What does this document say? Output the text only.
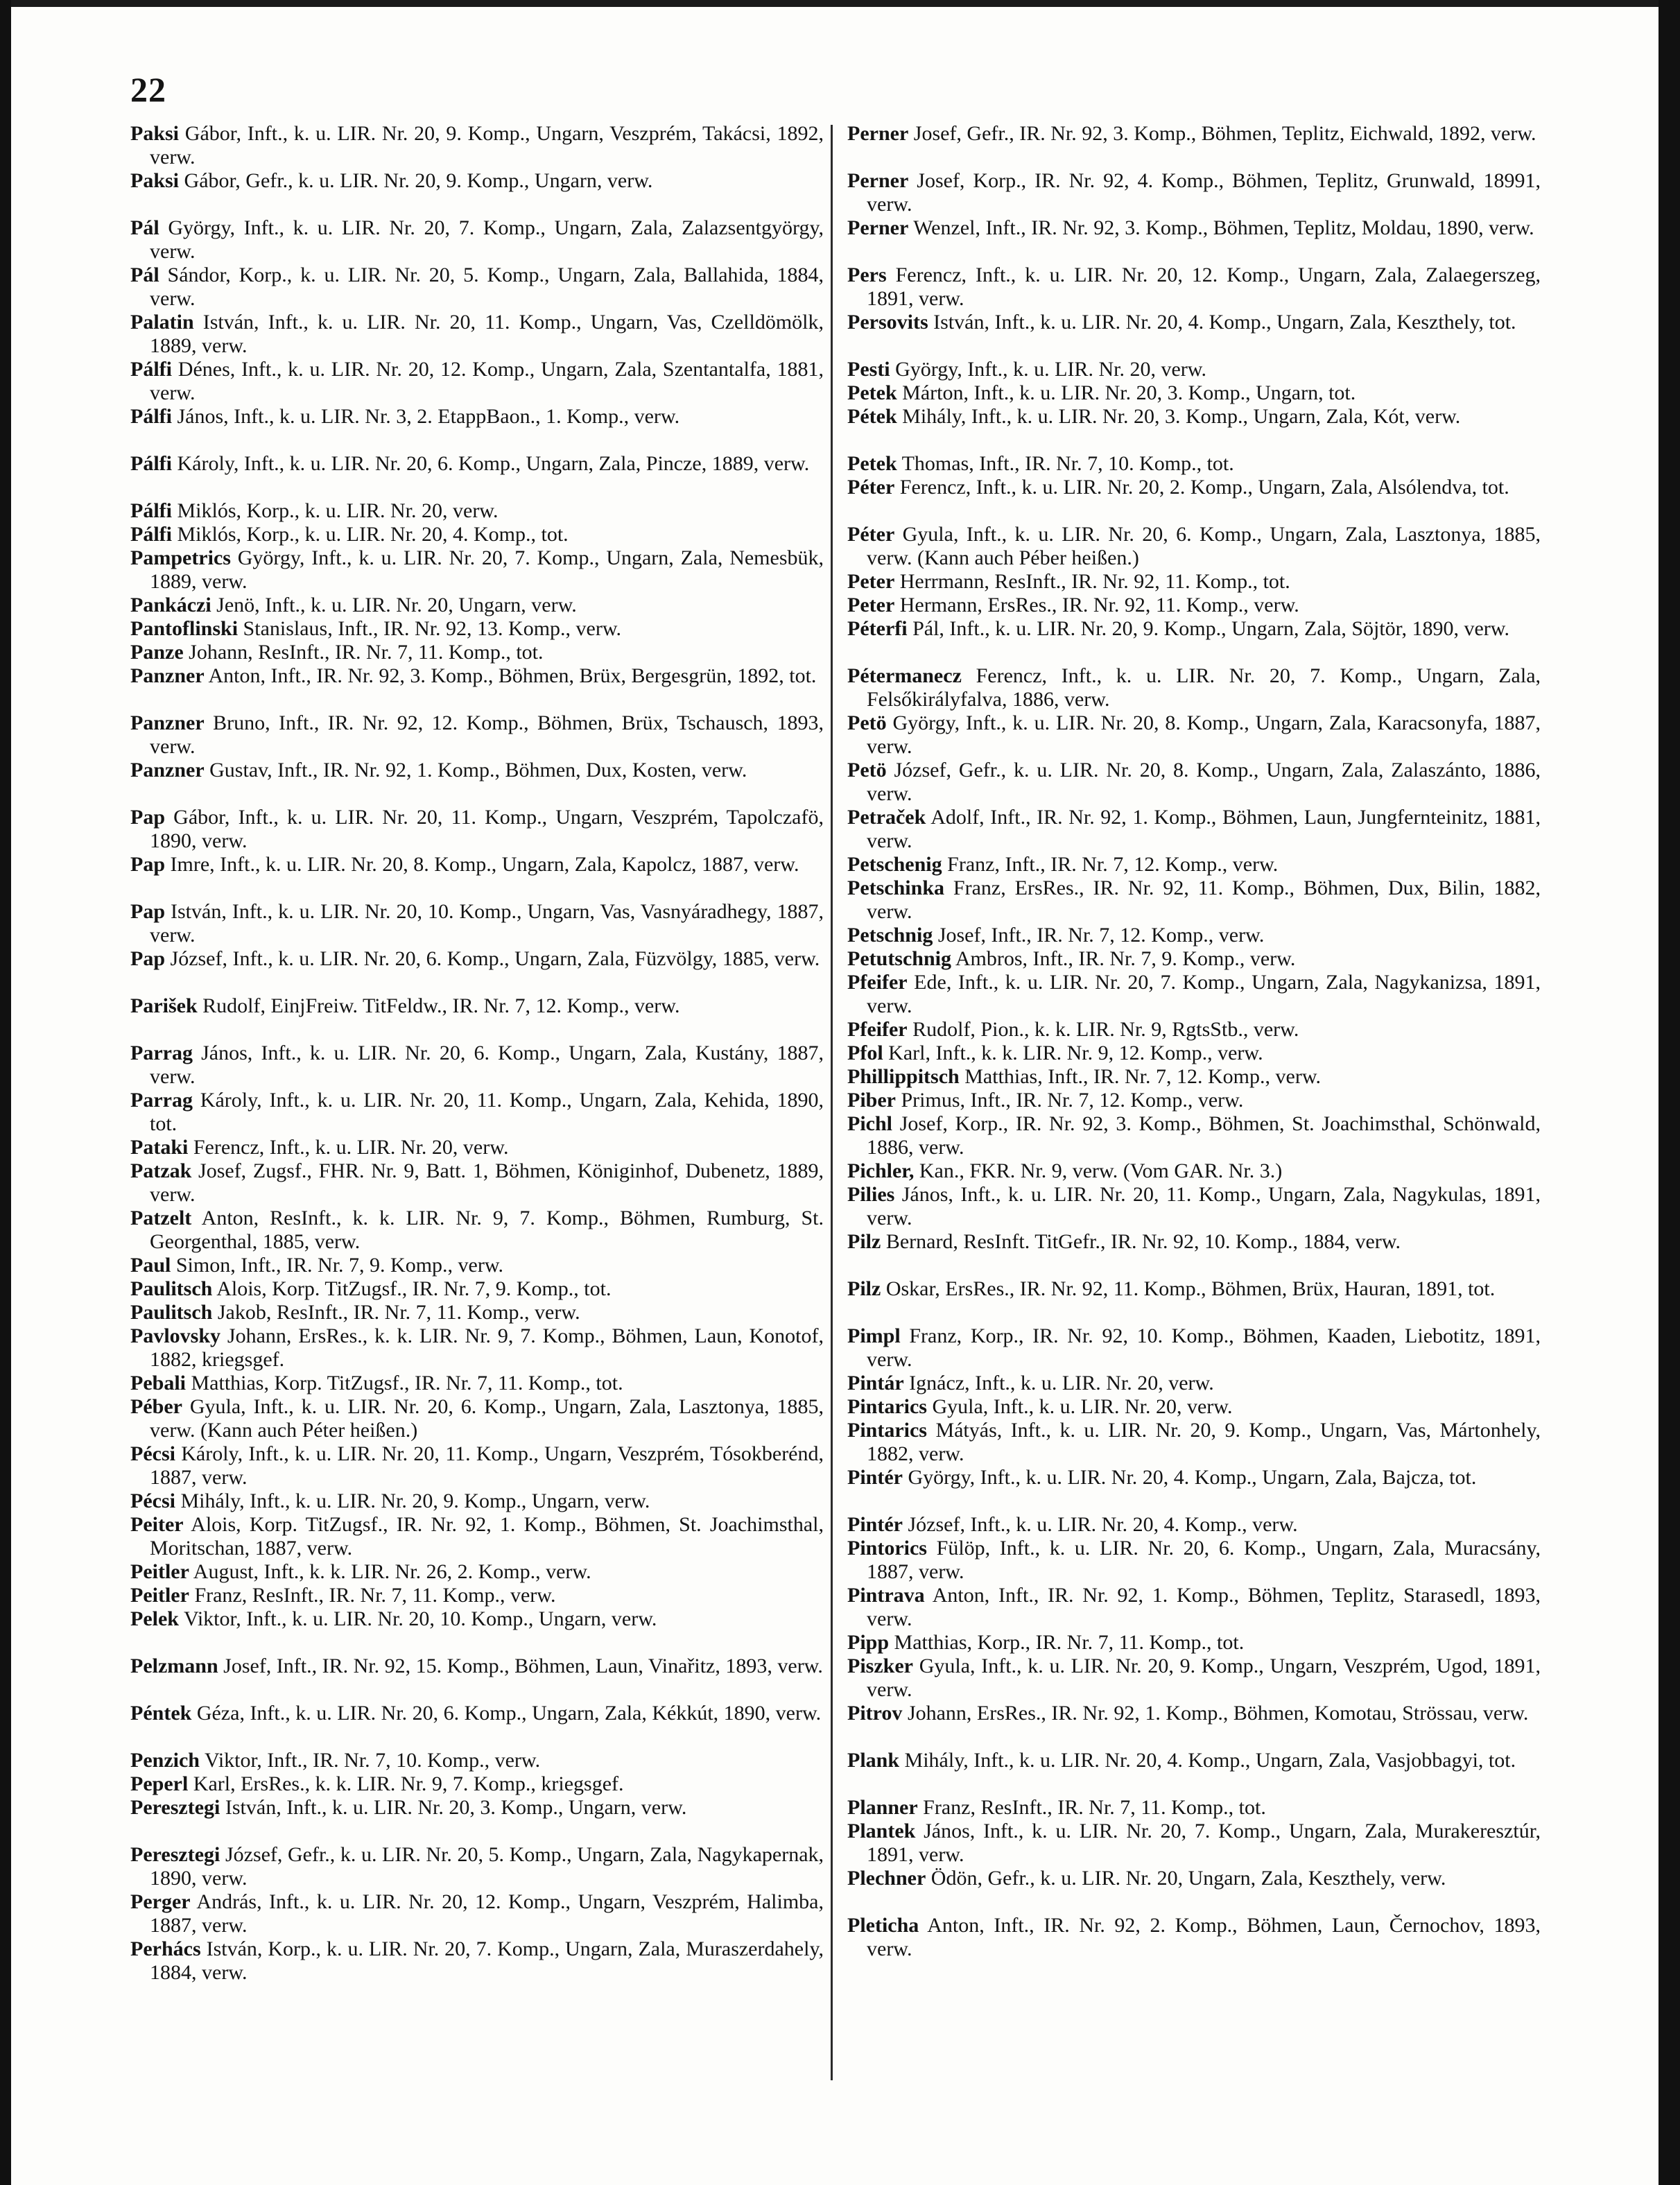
22
Paksi Gábor, Inft., k. u. LIR. Nr. 20, 9. Komp., Ungarn, Veszprém, Takácsi, 1892, verw.
Paksi Gábor, Gefr., k. u. LIR. Nr. 20, 9. Komp., Ungarn, verw.
Pál György, Inft., k. u. LIR. Nr. 20, 7. Komp., Ungarn, Zala, Zalazsentgyörgy, verw.
Pál Sándor, Korp., k. u. LIR. Nr. 20, 5. Komp., Ungarn, Zala, Ballahida, 1884, verw.
Palatin István, Inft., k. u. LIR. Nr. 20, 11. Komp., Ungarn, Vas, Czelldömölk, 1889, verw.
Pálfi Dénes, Inft., k. u. LIR. Nr. 20, 12. Komp., Ungarn, Zala, Szentantalfa, 1881, verw.
Pálfi János, Inft., k. u. LIR. Nr. 3, 2. EtappBaon., 1. Komp., verw.
Pálfi Károly, Inft., k. u. LIR. Nr. 20, 6. Komp., Ungarn, Zala, Pincze, 1889, verw.
Pálfi Miklós, Korp., k. u. LIR. Nr. 20, verw.
Pálfi Miklós, Korp., k. u. LIR. Nr. 20, 4. Komp., tot.
Pampetrics György, Inft., k. u. LIR. Nr. 20, 7. Komp., Ungarn, Zala, Nemesbük, 1889, verw.
Pankáczi Jenö, Inft., k. u. LIR. Nr. 20, Ungarn, verw.
Pantoflinski Stanislaus, Inft., IR. Nr. 92, 13. Komp., verw.
Panze Johann, ResInft., IR. Nr. 7, 11. Komp., tot.
Panzner Anton, Inft., IR. Nr. 92, 3. Komp., Böhmen, Brüx, Bergesgrün, 1892, tot.
Panzner Bruno, Inft., IR. Nr. 92, 12. Komp., Böhmen, Brüx, Tschausch, 1893, verw.
Panzner Gustav, Inft., IR. Nr. 92, 1. Komp., Böhmen, Dux, Kosten, verw.
Pap Gábor, Inft., k. u. LIR. Nr. 20, 11. Komp., Ungarn, Veszprém, Tapolczafö, 1890, verw.
Pap Imre, Inft., k. u. LIR. Nr. 20, 8. Komp., Ungarn, Zala, Kapolcz, 1887, verw.
Pap István, Inft., k. u. LIR. Nr. 20, 10. Komp., Ungarn, Vas, Vasnyáradhegy, 1887, verw.
Pap József, Inft., k. u. LIR. Nr. 20, 6. Komp., Ungarn, Zala, Füzvölgy, 1885, verw.
Parišek Rudolf, EinjFreiw. TitFeldw., IR. Nr. 7, 12. Komp., verw.
Parrag János, Inft., k. u. LIR. Nr. 20, 6. Komp., Ungarn, Zala, Kustány, 1887, verw.
Parrag Károly, Inft., k. u. LIR. Nr. 20, 11. Komp., Ungarn, Zala, Kehida, 1890, tot.
Pataki Ferencz, Inft., k. u. LIR. Nr. 20, verw.
Patzak Josef, Zugsf., FHR. Nr. 9, Batt. 1, Böhmen, Königinhof, Dubenetz, 1889, verw.
Patzelt Anton, ResInft., k. k. LIR. Nr. 9, 7. Komp., Böhmen, Rumburg, St. Georgenthal, 1885, verw.
Paul Simon, Inft., IR. Nr. 7, 9. Komp., verw.
Paulitsch Alois, Korp. TitZugsf., IR. Nr. 7, 9. Komp., tot.
Paulitsch Jakob, ResInft., IR. Nr. 7, 11. Komp., verw.
Pavlovsky Johann, ErsRes., k. k. LIR. Nr. 9, 7. Komp., Böhmen, Laun, Konotof, 1882, kriegsgef.
Pebali Matthias, Korp. TitZugsf., IR. Nr. 7, 11. Komp., tot.
Péber Gyula, Inft., k. u. LIR. Nr. 20, 6. Komp., Ungarn, Zala, Lasztonya, 1885, verw. (Kann auch Péter heißen.)
Pécsi Károly, Inft., k. u. LIR. Nr. 20, 11. Komp., Ungarn, Veszprém, Tósokberénd, 1887, verw.
Pécsi Mihály, Inft., k. u. LIR. Nr. 20, 9. Komp., Ungarn, verw.
Peiter Alois, Korp. TitZugsf., IR. Nr. 92, 1. Komp., Böhmen, St. Joachimsthal, Moritschan, 1887, verw.
Peitler August, Inft., k. k. LIR. Nr. 26, 2. Komp., verw.
Peitler Franz, ResInft., IR. Nr. 7, 11. Komp., verw.
Pelek Viktor, Inft., k. u. LIR. Nr. 20, 10. Komp., Ungarn, verw.
Pelzmann Josef, Inft., IR. Nr. 92, 15. Komp., Böhmen, Laun, Vinařitz, 1893, verw.
Péntek Géza, Inft., k. u. LIR. Nr. 20, 6. Komp., Ungarn, Zala, Kékkút, 1890, verw.
Penzich Viktor, Inft., IR. Nr. 7, 10. Komp., verw.
Peperl Karl, ErsRes., k. k. LIR. Nr. 9, 7. Komp., kriegsgef.
Peresztegi István, Inft., k. u. LIR. Nr. 20, 3. Komp., Ungarn, verw.
Peresztegi József, Gefr., k. u. LIR. Nr. 20, 5. Komp., Ungarn, Zala, Nagykapernak, 1890, verw.
Perger András, Inft., k. u. LIR. Nr. 20, 12. Komp., Ungarn, Veszprém, Halimba, 1887, verw.
Perhács István, Korp., k. u. LIR. Nr. 20, 7. Komp., Ungarn, Zala, Muraszerdahely, 1884, verw.
Perner Josef, Gefr., IR. Nr. 92, 3. Komp., Böhmen, Teplitz, Eichwald, 1892, verw.
Perner Josef, Korp., IR. Nr. 92, 4. Komp., Böhmen, Teplitz, Grunwald, 18991, verw.
Perner Wenzel, Inft., IR. Nr. 92, 3. Komp., Böhmen, Teplitz, Moldau, 1890, verw.
Pers Ferencz, Inft., k. u. LIR. Nr. 20, 12. Komp., Ungarn, Zala, Zalaegerszeg, 1891, verw.
Persovits István, Inft., k. u. LIR. Nr. 20, 4. Komp., Ungarn, Zala, Keszthely, tot.
Pesti György, Inft., k. u. LIR. Nr. 20, verw.
Petek Márton, Inft., k. u. LIR. Nr. 20, 3. Komp., Ungarn, tot.
Pétek Mihály, Inft., k. u. LIR. Nr. 20, 3. Komp., Ungarn, Zala, Kót, verw.
Petek Thomas, Inft., IR. Nr. 7, 10. Komp., tot.
Péter Ferencz, Inft., k. u. LIR. Nr. 20, 2. Komp., Ungarn, Zala, Alsólendva, tot.
Péter Gyula, Inft., k. u. LIR. Nr. 20, 6. Komp., Ungarn, Zala, Lasztonya, 1885, verw. (Kann auch Péber heißen.)
Peter Herrmann, ResInft., IR. Nr. 92, 11. Komp., tot.
Peter Hermann, ErsRes., IR. Nr. 92, 11. Komp., verw.
Péterfi Pál, Inft., k. u. LIR. Nr. 20, 9. Komp., Ungarn, Zala, Söjtör, 1890, verw.
Pétermanecz Ferencz, Inft., k. u. LIR. Nr. 20, 7. Komp., Ungarn, Zala, Felsőkirályfalva, 1886, verw.
Petö György, Inft., k. u. LIR. Nr. 20, 8. Komp., Ungarn, Zala, Karacsonyfa, 1887, verw.
Petö József, Gefr., k. u. LIR. Nr. 20, 8. Komp., Ungarn, Zala, Zalaszánto, 1886, verw.
Petraček Adolf, Inft., IR. Nr. 92, 1. Komp., Böhmen, Laun, Jungfernteinitz, 1881, verw.
Petschenig Franz, Inft., IR. Nr. 7, 12. Komp., verw.
Petschinka Franz, ErsRes., IR. Nr. 92, 11. Komp., Böhmen, Dux, Bilin, 1882, verw.
Petschnig Josef, Inft., IR. Nr. 7, 12. Komp., verw.
Petutschnig Ambros, Inft., IR. Nr. 7, 9. Komp., verw.
Pfeifer Ede, Inft., k. u. LIR. Nr. 20, 7. Komp., Ungarn, Zala, Nagykanizsa, 1891, verw.
Pfeifer Rudolf, Pion., k. k. LIR. Nr. 9, RgtsStb., verw.
Pfol Karl, Inft., k. k. LIR. Nr. 9, 12. Komp., verw.
Phillippitsch Matthias, Inft., IR. Nr. 7, 12. Komp., verw.
Piber Primus, Inft., IR. Nr. 7, 12. Komp., verw.
Pichl Josef, Korp., IR. Nr. 92, 3. Komp., Böhmen, St. Joachimsthal, Schönwald, 1886, verw.
Pichler, Kan., FKR. Nr. 9, verw. (Vom GAR. Nr. 3.)
Pilies János, Inft., k. u. LIR. Nr. 20, 11. Komp., Ungarn, Zala, Nagykulas, 1891, verw.
Pilz Bernard, ResInft. TitGefr., IR. Nr. 92, 10. Komp., 1884, verw.
Pilz Oskar, ErsRes., IR. Nr. 92, 11. Komp., Böhmen, Brüx, Hauran, 1891, tot.
Pimpl Franz, Korp., IR. Nr. 92, 10. Komp., Böhmen, Kaaden, Liebotitz, 1891, verw.
Pintár Ignácz, Inft., k. u. LIR. Nr. 20, verw.
Pintarics Gyula, Inft., k. u. LIR. Nr. 20, verw.
Pintarics Mátyás, Inft., k. u. LIR. Nr. 20, 9. Komp., Ungarn, Vas, Mártonhely, 1882, verw.
Pintér György, Inft., k. u. LIR. Nr. 20, 4. Komp., Ungarn, Zala, Bajcza, tot.
Pintér József, Inft., k. u. LIR. Nr. 20, 4. Komp., verw.
Pintorics Fülöp, Inft., k. u. LIR. Nr. 20, 6. Komp., Ungarn, Zala, Muracsány, 1887, verw.
Pintrava Anton, Inft., IR. Nr. 92, 1. Komp., Böhmen, Teplitz, Starasedl, 1893, verw.
Pipp Matthias, Korp., IR. Nr. 7, 11. Komp., tot.
Piszker Gyula, Inft., k. u. LIR. Nr. 20, 9. Komp., Ungarn, Veszprém, Ugod, 1891, verw.
Pitrov Johann, ErsRes., IR. Nr. 92, 1. Komp., Böhmen, Komotau, Strössau, verw.
Plank Mihály, Inft., k. u. LIR. Nr. 20, 4. Komp., Ungarn, Zala, Vasjobbagyi, tot.
Planner Franz, ResInft., IR. Nr. 7, 11. Komp., tot.
Plantek János, Inft., k. u. LIR. Nr. 20, 7. Komp., Ungarn, Zala, Murakeresztúr, 1891, verw.
Plechner Ödön, Gefr., k. u. LIR. Nr. 20, Ungarn, Zala, Keszthely, verw.
Pleticha Anton, Inft., IR. Nr. 92, 2. Komp., Böhmen, Laun, Černochov, 1893, verw.
